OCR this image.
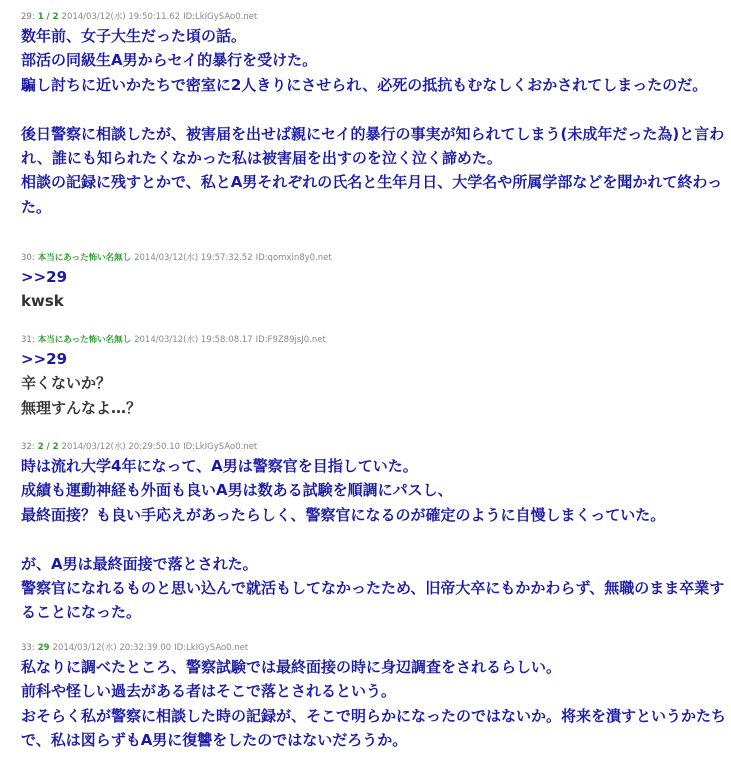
29: 1 / 2 2014/03/12(水) 19:50:11.62 ID:LkIGySAo0.net
数年前、女子大生だった頃の話。
部活の同級生A男からセイ的暴行を受けた。
騙し討ちに近いかたちで密室に2人きりにさせられ、必死の抵抗もむなしくおかされてしまったのだ。
後日警察に相談したが、被害届を出せば親にセイ的暴行の事実が知られてしまう(未成年だった為)と言われ、誰にも知られたくなかった私は被害届を出すのを泣く泣く諦めた。
相談の記録に残すとかで、私とA男それぞれの氏名と生年月日、大学名や所属学部などを聞かれて終わった。
30: 本当にあった怖い名無し 2014/03/12(水) 19:57:32.52 ID:qomxin8y0.net
>>29
kwsk
31: 本当にあった怖い名無し 2014/03/12(水) 19:58:08.17 ID:F9Z89jsJ0.net
>>29
辛くないか？
無理すんなよ…？
32: 2 / 2 2014/03/12(水) 20:29:50.10 ID:LkIGySAo0.net
時は流れ大学4年になって、A男は警察官を目指していた。
成績も運動神経も外面も良いA男は数ある試験を順調にパスし、
最終面接？も良い手応えがあったらしく、警察官になるのが確定のように自慢しまくっていた。
が、A男は最終面接で落とされた。
警察官になれるものと思い込んで就活もしてなかったため、旧帝大卒にもかかわらず、無職のまま卒業することになった。
33: 29 2014/03/12(水) 20:32:39.00 ID:LkIGySAo0.net
私なりに調べたところ、警察試験では最終面接の時に身辺調査をされるらしい。
前科や怪しい過去がある者はそこで落とされるという。
おそらく私が警察に相談した時の記録が、そこで明らかになったのではないか。将来を潰すというかたちで、私は図らずもA男に復讐をしたのではないだろうか。
